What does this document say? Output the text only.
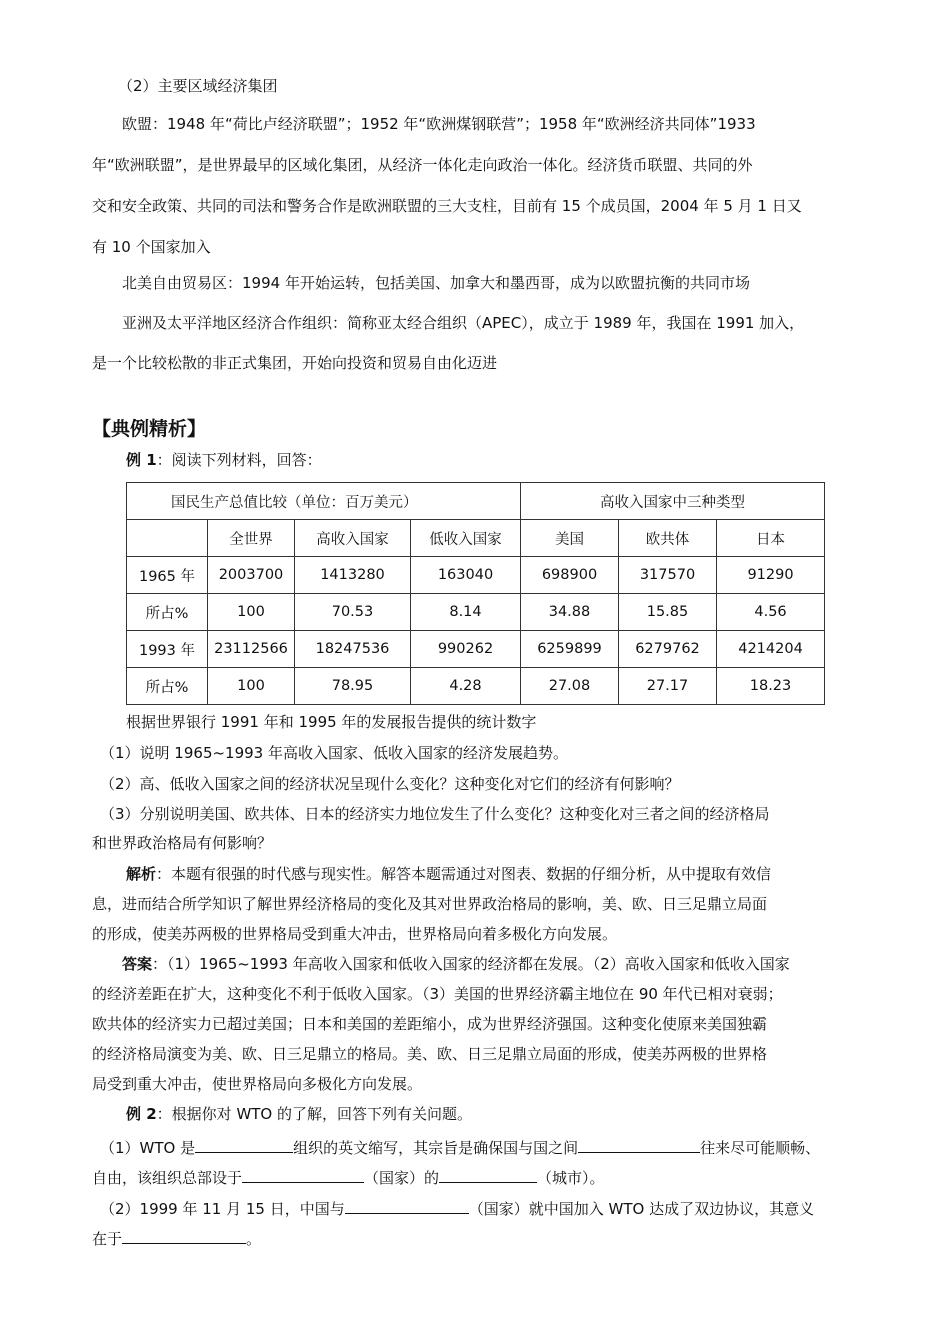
（2）主要区域经济集团
欧盟：1948 年“荷比卢经济联盟”；1952 年“欧洲煤钢联营”；1958 年“欧洲经济共同体”1933
年“欧洲联盟”，是世界最早的区域化集团，从经济一体化走向政治一体化。经济货币联盟、共同的外
交和安全政策、共同的司法和警务合作是欧洲联盟的三大支柱，目前有 15 个成员国，2004 年 5 月 1 日又
有 10 个国家加入
北美自由贸易区：1994 年开始运转，包括美国、加拿大和墨西哥，成为以欧盟抗衡的共同市场
亚洲及太平洋地区经济合作组织：简称亚太经合组织（APEC），成立于 1989 年，我国在 1991 加入，
是一个比较松散的非正式集团，开始向投资和贸易自由化迈进
【典例精析】
例 1：阅读下列材料，回答：
国民生产总值比较（单位：百万美元）				高收入国家中三种类型		
	全世界	高收入国家	低收入国家	美国	欧共体	日本
1965 年	2003700	1413280	163040	698900	317570	91290
所占%	100	70.53	8.14	34.88	15.85	4.56
1993 年	23112566	18247536	990262	6259899	6279762	4214204
所占%	100	78.95	4.28	27.08	27.17	18.23
根据世界银行 1991 年和 1995 年的发展报告提供的统计数字
（1）说明 1965~1993 年高收入国家、低收入国家的经济发展趋势。
（2）高、低收入国家之间的经济状况呈现什么变化？这种变化对它们的经济有何影响？
（3）分别说明美国、欧共体、日本的经济实力地位发生了什么变化？这种变化对三者之间的经济格局
和世界政治格局有何影响？
解析：本题有很强的时代感与现实性。解答本题需通过对图表、数据的仔细分析，从中提取有效信
息，进而结合所学知识了解世界经济格局的变化及其对世界政治格局的影响，美、欧、日三足鼎立局面
的形成，使美苏两极的世界格局受到重大冲击，世界格局向着多极化方向发展。
答案：（1）1965~1993 年高收入国家和低收入国家的经济都在发展。（2）高收入国家和低收入国家
的经济差距在扩大，这种变化不利于低收入国家。（3）美国的世界经济霸主地位在 90 年代已相对衰弱；
欧共体的经济实力已超过美国；日本和美国的差距缩小，成为世界经济强国。这种变化使原来美国独霸
的经济格局演变为美、欧、日三足鼎立的格局。美、欧、日三足鼎立局面的形成，使美苏两极的世界格
局受到重大冲击，使世界格局向多极化方向发展。
例 2：根据你对 WTO 的了解，回答下列有关问题。
（1）WTO 是	组织的英文缩写，其宗旨是确保国与国之间	往来尽可能顺畅、
自由，该组织总部设于	（国家）的	（城市）。
（2）1999 年 11 月 15 日，中国与	（国家）就中国加入 WTO 达成了双边协议，其意义
在于	。
